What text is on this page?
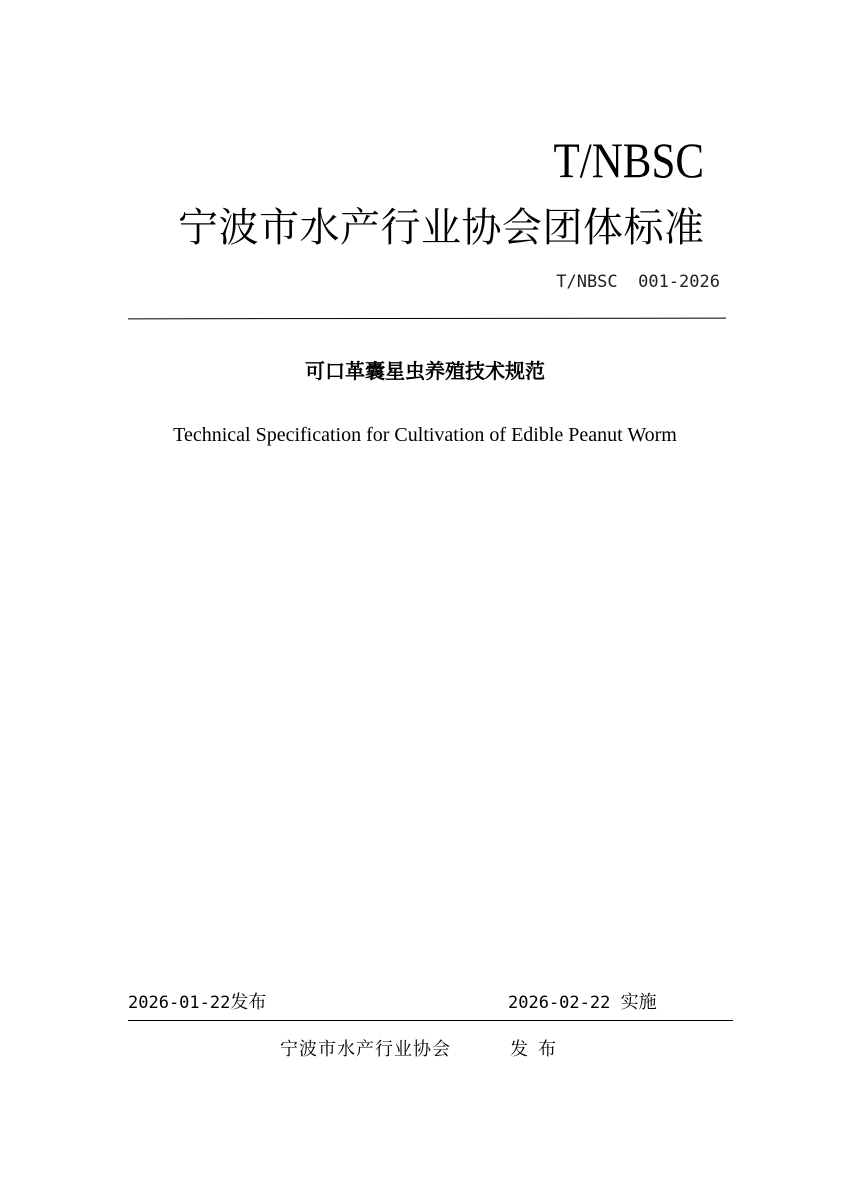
T/NBSC
宁波市水产行业协会团体标准
T/NBSC  001-2026
可口革囊星虫养殖技术规范
Technical Specification for Cultivation of Edible Peanut Worm
2026-01-22发布	2026-02-22 实施
宁波市水产行业协会	发布
